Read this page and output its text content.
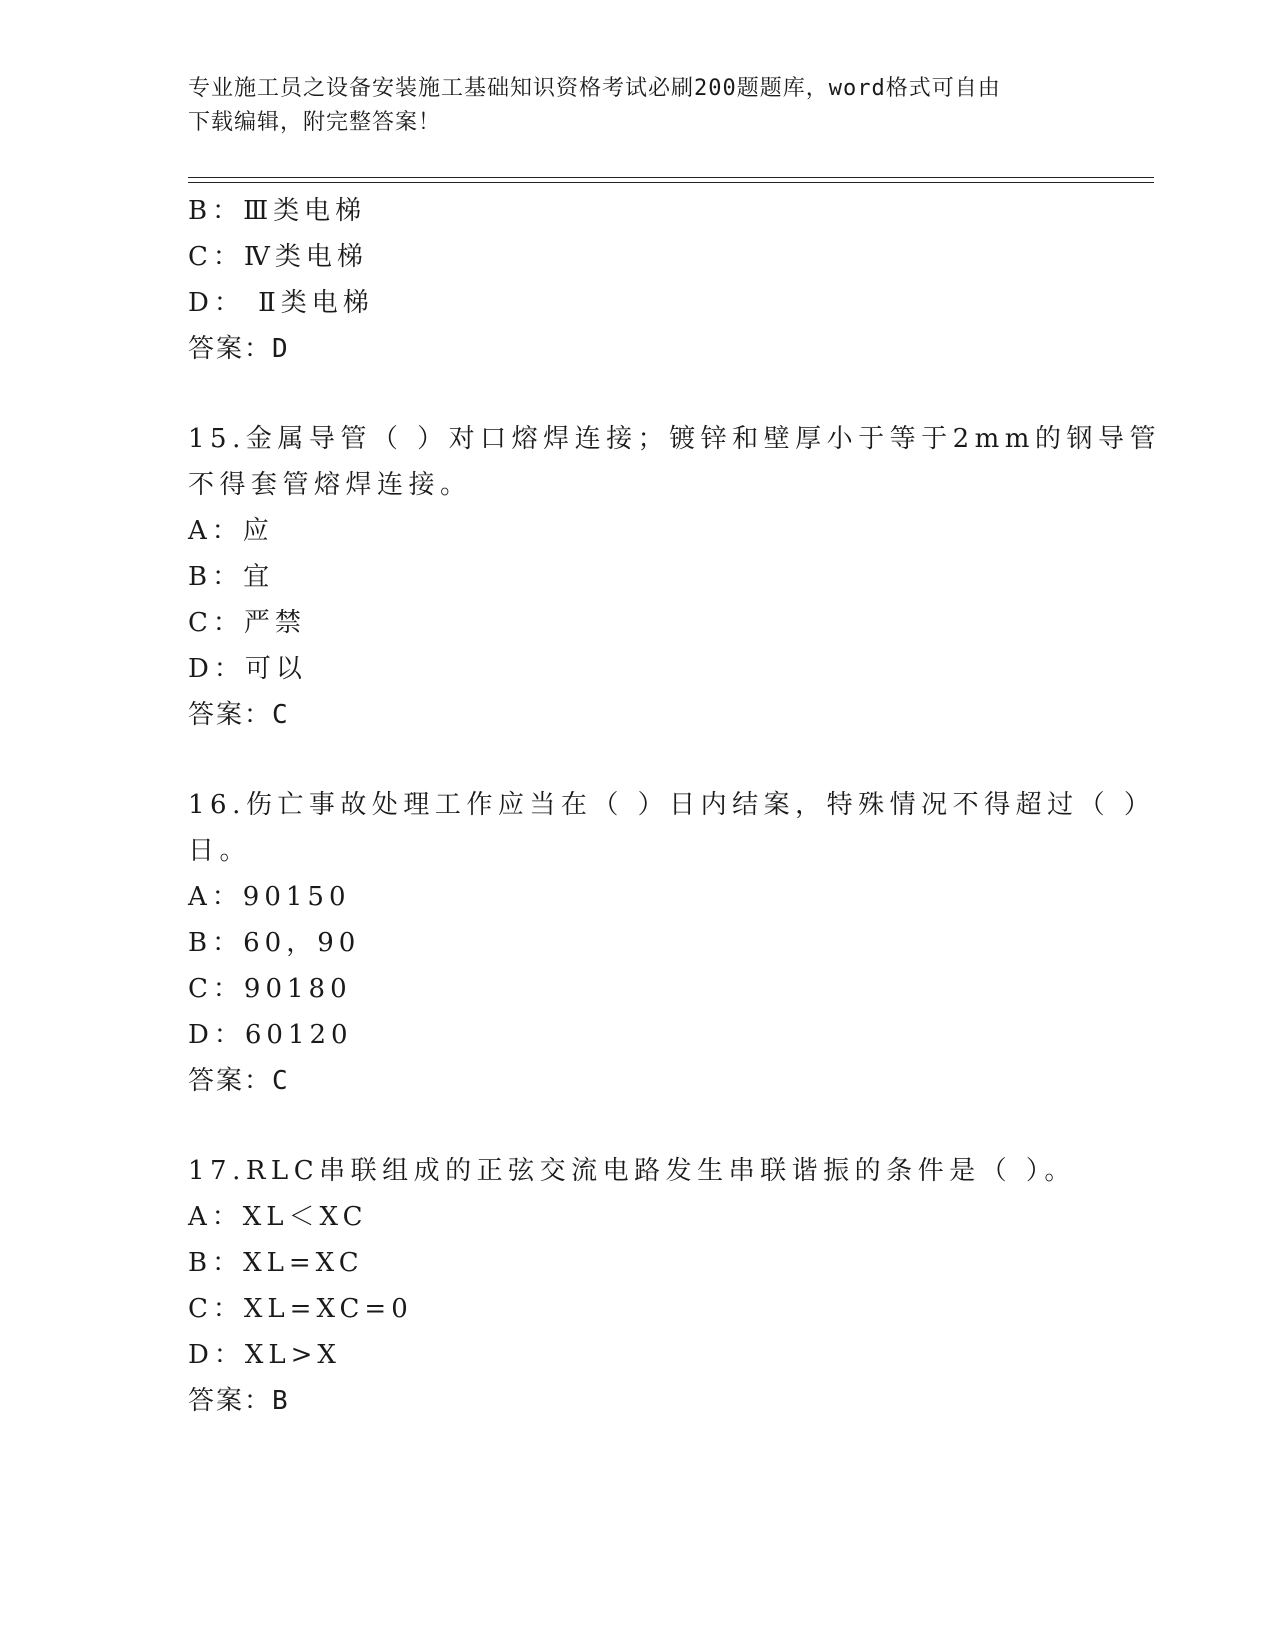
专业施工员之设备安装施工基础知识资格考试必刷200题题库，word格式可自由
下载编辑，附完整答案！
B：Ⅲ类电梯
C：Ⅳ类电梯
D： Ⅱ类电梯
答案：D
15.金属导管（ ）对口熔焊连接；镀锌和壁厚小于等于2mm的钢导管
不得套管熔焊连接。
A：应
B：宜
C：严禁
D：可以
答案：C
16.伤亡事故处理工作应当在（ ）日内结案，特殊情况不得超过（ ）
日。
A：90150
B：60，90
C：90180
D：60120
答案：C
17.RLC串联组成的正弦交流电路发生串联谐振的条件是（ ）。
A：XL＜XC
B：XL=XC
C：XL=XC=0
D：XL>X
答案：B
